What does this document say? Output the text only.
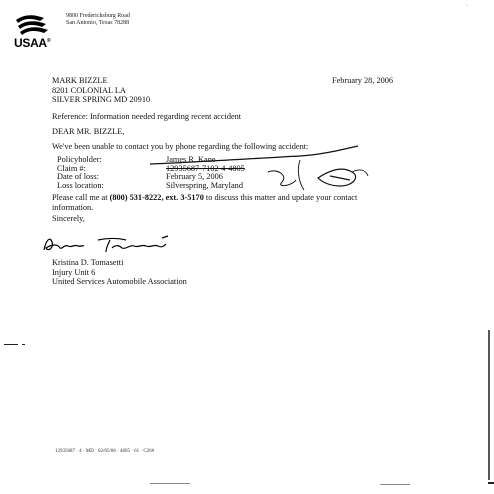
USAA®
9800 Fredericksburg Road
San Antonio, Texas 78288
·
MARK BIZZLE
8201 COLONIAL LA
SILVER SPRING MD 20910
February 28, 2006
Reference: Information needed regarding recent accident
DEAR MR. BIZZLE,
We've been unable to contact you by phone regarding the following accident:
Policyholder:	James R. Kane
Claim #:	12935687-7102-4-4805
Date of loss:	February 5, 2006
Loss location:	Silverspring, Maryland
Please call me at (800) 531-8222, ext. 3-5170 to discuss this matter and update your contact information.
Sincerely,
Kristina D. Tomasetti
Injury Unit 6
United Services Automobile Association
12935687 · 4 · MD · 02/05/06 · 4805 · 61 · C26#
